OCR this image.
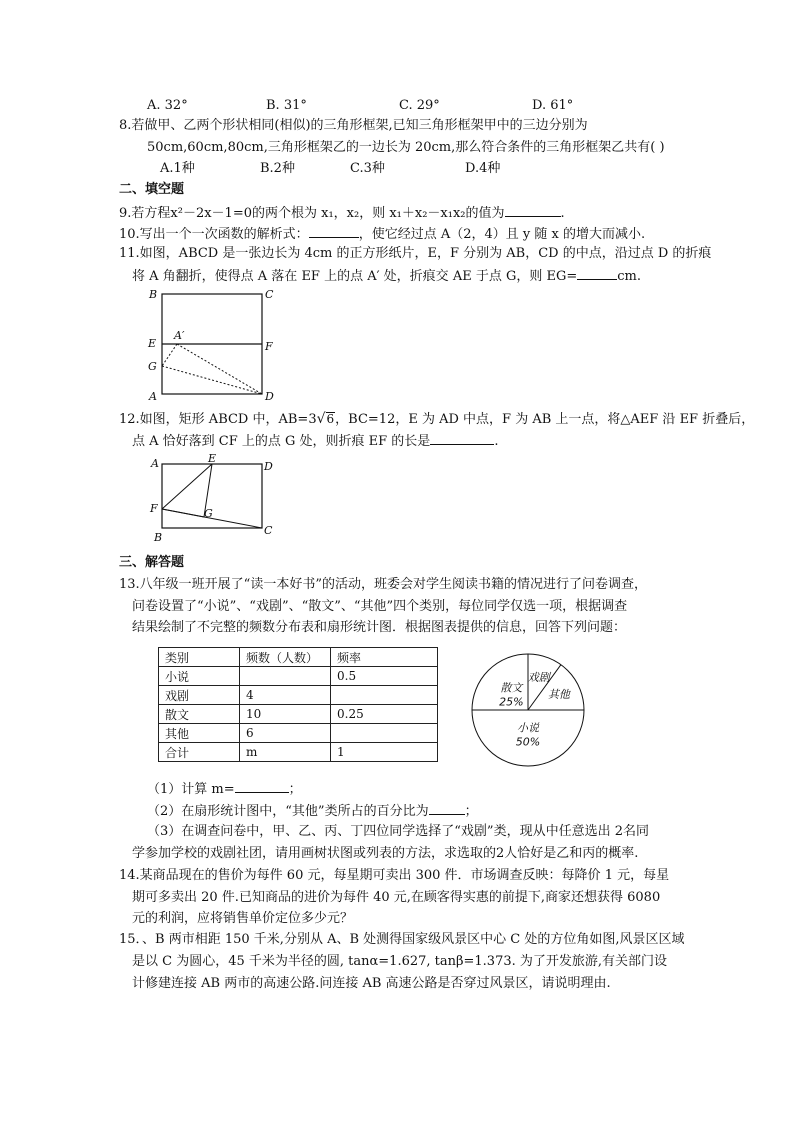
A. 32°	B. 31°	C. 29°	D. 61°
8.若做甲、乙两个形状相同(相似)的三角形框架,已知三角形框架甲中的三边分别为
50cm,60cm,80cm,三角形框架乙的一边长为 20cm,那么符合条件的三角形框架乙共有( )
A.1种	B.2种	C.3种	D.4种
二、填空题
9.若方程x²－2x－1=0的两个根为 x₁，x₂，则 x₁＋x₂－x₁x₂的值为	.
10.写出一个一次函数的解析式：	，使它经过点 A（2，4）且 y 随 x 的增大而减小.
11.如图，ABCD 是一张边长为 4cm 的正方形纸片，E，F 分别为 AB，CD 的中点，沿过点 D 的折痕
将 A 角翻折，使得点 A 落在 EF 上的点 A′ 处，折痕交 AE 于点 G，则 EG=	cm.
B	C
E
A′
F
G
A	D
12.如图，矩形 ABCD 中，AB=3√6，BC=12，E 为 AD 中点，F 为 AB 上一点，将△AEF 沿 EF 折叠后，
点 A 恰好落到 CF 上的点 G 处，则折痕 EF 的长是	.
A	E
D
F	G
B
C
三、解答题
13.八年级一班开展了“读一本好书”的活动，班委会对学生阅读书籍的情况进行了问卷调查，
问卷设置了“小说”、“戏剧”、“散文”、“其他”四个类别，每位同学仅选一项，根据调查
结果绘制了不完整的频数分布表和扇形统计图．根据图表提供的信息，回答下列问题：
类别	频数（人数）	频率
小说		0.5
戏剧	4	
散文	10	0.25
其他	6	
合计	m	1
小说
50%
散文
25%
戏剧
其他
（1）计算 m=	；
（2）在扇形统计图中，“其他”类所占的百分比为	；
（3）在调查问卷中，甲、乙、丙、丁四位同学选择了“戏剧”类，现从中任意选出 2名同
学参加学校的戏剧社团，请用画树状图或列表的方法，求选取的2人恰好是乙和丙的概率.
14.某商品现在的售价为每件 60 元，每星期可卖出 300 件．市场调查反映：每降价 1 元，每星
期可多卖出 20 件.已知商品的进价为每件 40 元,在顾客得实惠的前提下,商家还想获得 6080
元的利润，应将销售单价定位多少元？
15．、B 两市相距 150 千米,分别从 A、B 处测得国家级风景区中心 C 处的方位角如图,风景区区域
是以 C 为圆心，45 千米为半径的圆, tanα=1.627, tanβ=1.373. 为了开发旅游,有关部门设
计修建连接 AB 两市的高速公路.问连接 AB 高速公路是否穿过风景区，请说明理由.
